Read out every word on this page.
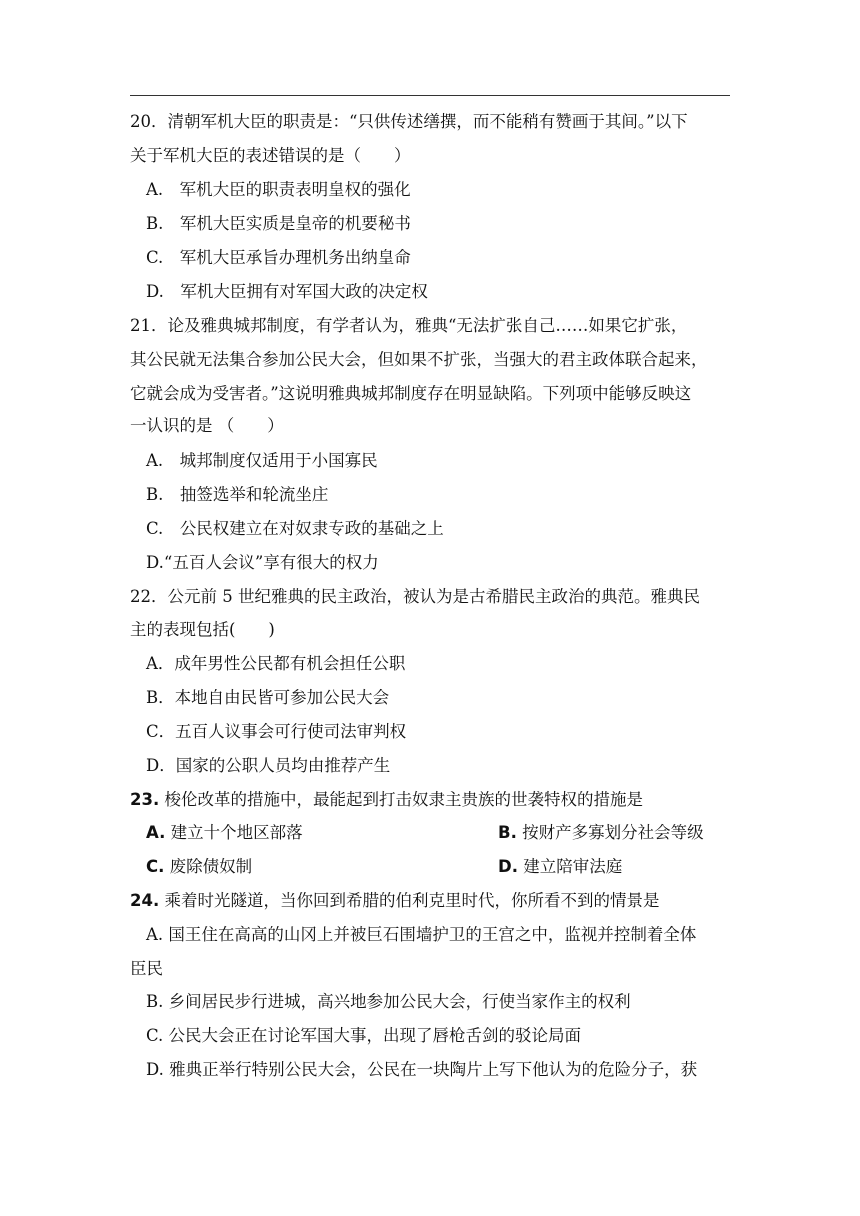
20．清朝军机大臣的职责是：“只供传述缮撰，而不能稍有赞画于其间。”以下
关于军机大臣的表述错误的是（　　）
A.　军机大臣的职责表明皇权的强化
B.　军机大臣实质是皇帝的机要秘书
C.　军机大臣承旨办理机务出纳皇命
D.　军机大臣拥有对军国大政的决定权
21．论及雅典城邦制度，有学者认为，雅典“无法扩张自己……如果它扩张，
其公民就无法集合参加公民大会，但如果不扩张，当强大的君主政体联合起来，
它就会成为受害者。”这说明雅典城邦制度存在明显缺陷。下列项中能够反映这
一认识的是 （　　）
A.　城邦制度仅适用于小国寡民
B.　抽签选举和轮流坐庄
C.　公民权建立在对奴隶专政的基础之上
D.“五百人会议”享有很大的权力
22．公元前 5 世纪雅典的民主政治，被认为是古希腊民主政治的典范。雅典民
主的表现包括(　　)
A．成年男性公民都有机会担任公职
B．本地自由民皆可参加公民大会
C．五百人议事会可行使司法审判权
D．国家的公职人员均由推荐产生
23. 梭伦改革的措施中，最能起到打击奴隶主贵族的世袭特权的措施是
A. 建立十个地区部落	B. 按财产多寡划分社会等级
C. 废除债奴制	D. 建立陪审法庭
24. 乘着时光隧道，当你回到希腊的伯利克里时代，你所看不到的情景是
A. 国王住在高高的山冈上并被巨石围墙护卫的王宫之中，监视并控制着全体
臣民
B. 乡间居民步行进城，高兴地参加公民大会，行使当家作主的权利
C. 公民大会正在讨论军国大事，出现了唇枪舌剑的驳论局面
D. 雅典正举行特别公民大会，公民在一块陶片上写下他认为的危险分子，获
